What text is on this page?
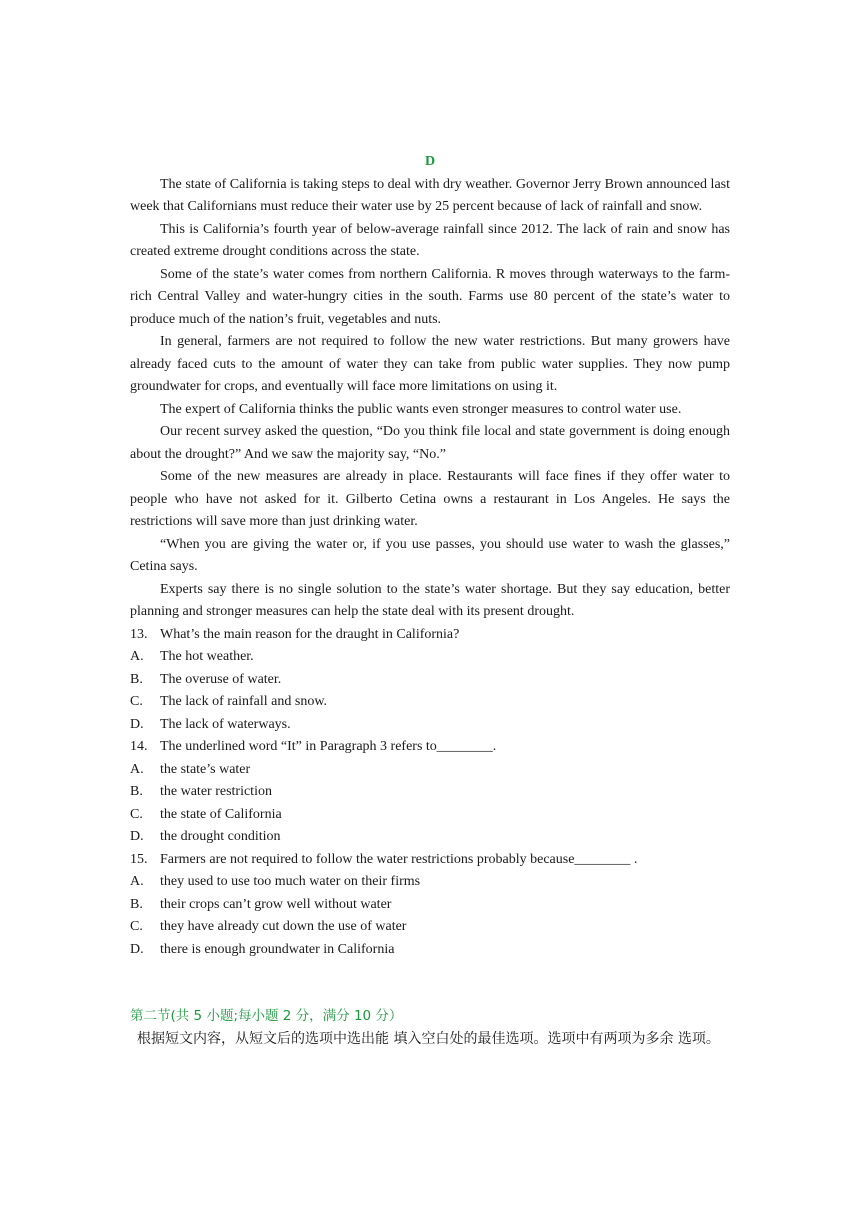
D

The state of California is taking steps to deal with dry weather. Governor Jerry Brown announced last week that Californians must reduce their water use by 25 percent because of lack of rainfall and snow.

This is California’s fourth year of below-average rainfall since 2012. The lack of rain and snow has created extreme drought conditions across the state.

Some of the state’s water comes from northern California. R moves through waterways to the farm-rich Central Valley and water-hungry cities in the south. Farms use 80 percent of the state’s water to produce much of the nation’s fruit, vegetables and nuts.

In general, farmers are not required to follow the new water restrictions. But many growers have already faced cuts to the amount of water they can take from public water supplies. They now pump groundwater for crops, and eventually will face more limitations on using it.

The expert of California thinks the public wants even stronger measures to control water use.

Our recent survey asked the question, “Do you think file local and state government is doing enough about the drought?” And we saw the majority say, “No.”

Some of the new measures are already in place. Restaurants will face fines if they offer water to people who have not asked for it. Gilberto Cetina owns a restaurant in Los Angeles. He says the restrictions will save more than just drinking water.

“When you are giving the water or, if you use passes, you should use water to wash the glasses,” Cetina says.

Experts say there is no single solution to the state’s water shortage. But they say education, better planning and stronger measures can help the state deal with its present drought.

13. What’s the main reason for the draught in California?
A.	The hot weather.
B.	The overuse of water.
C.	The lack of rainfall and snow.
D.	The lack of waterways.
14. The underlined word “It” in Paragraph 3 refers to________.
A.	the state’s water
B.	the water restriction
C.	the state of California
D.	the drought condition
15. Farmers are not required to follow the water restrictions probably because________ .
A.	they used to use too much water on their firms
B.	their crops can’t grow well without water
C.	they have already cut down the use of water
D.	there is enough groundwater in California

第二节(共 5 小题;每小题 2 分，满分 10 分）

根据短文内容，从短文后的选项中选出能 填入空白处的最佳选项。选项中有两项为多余 选项。
